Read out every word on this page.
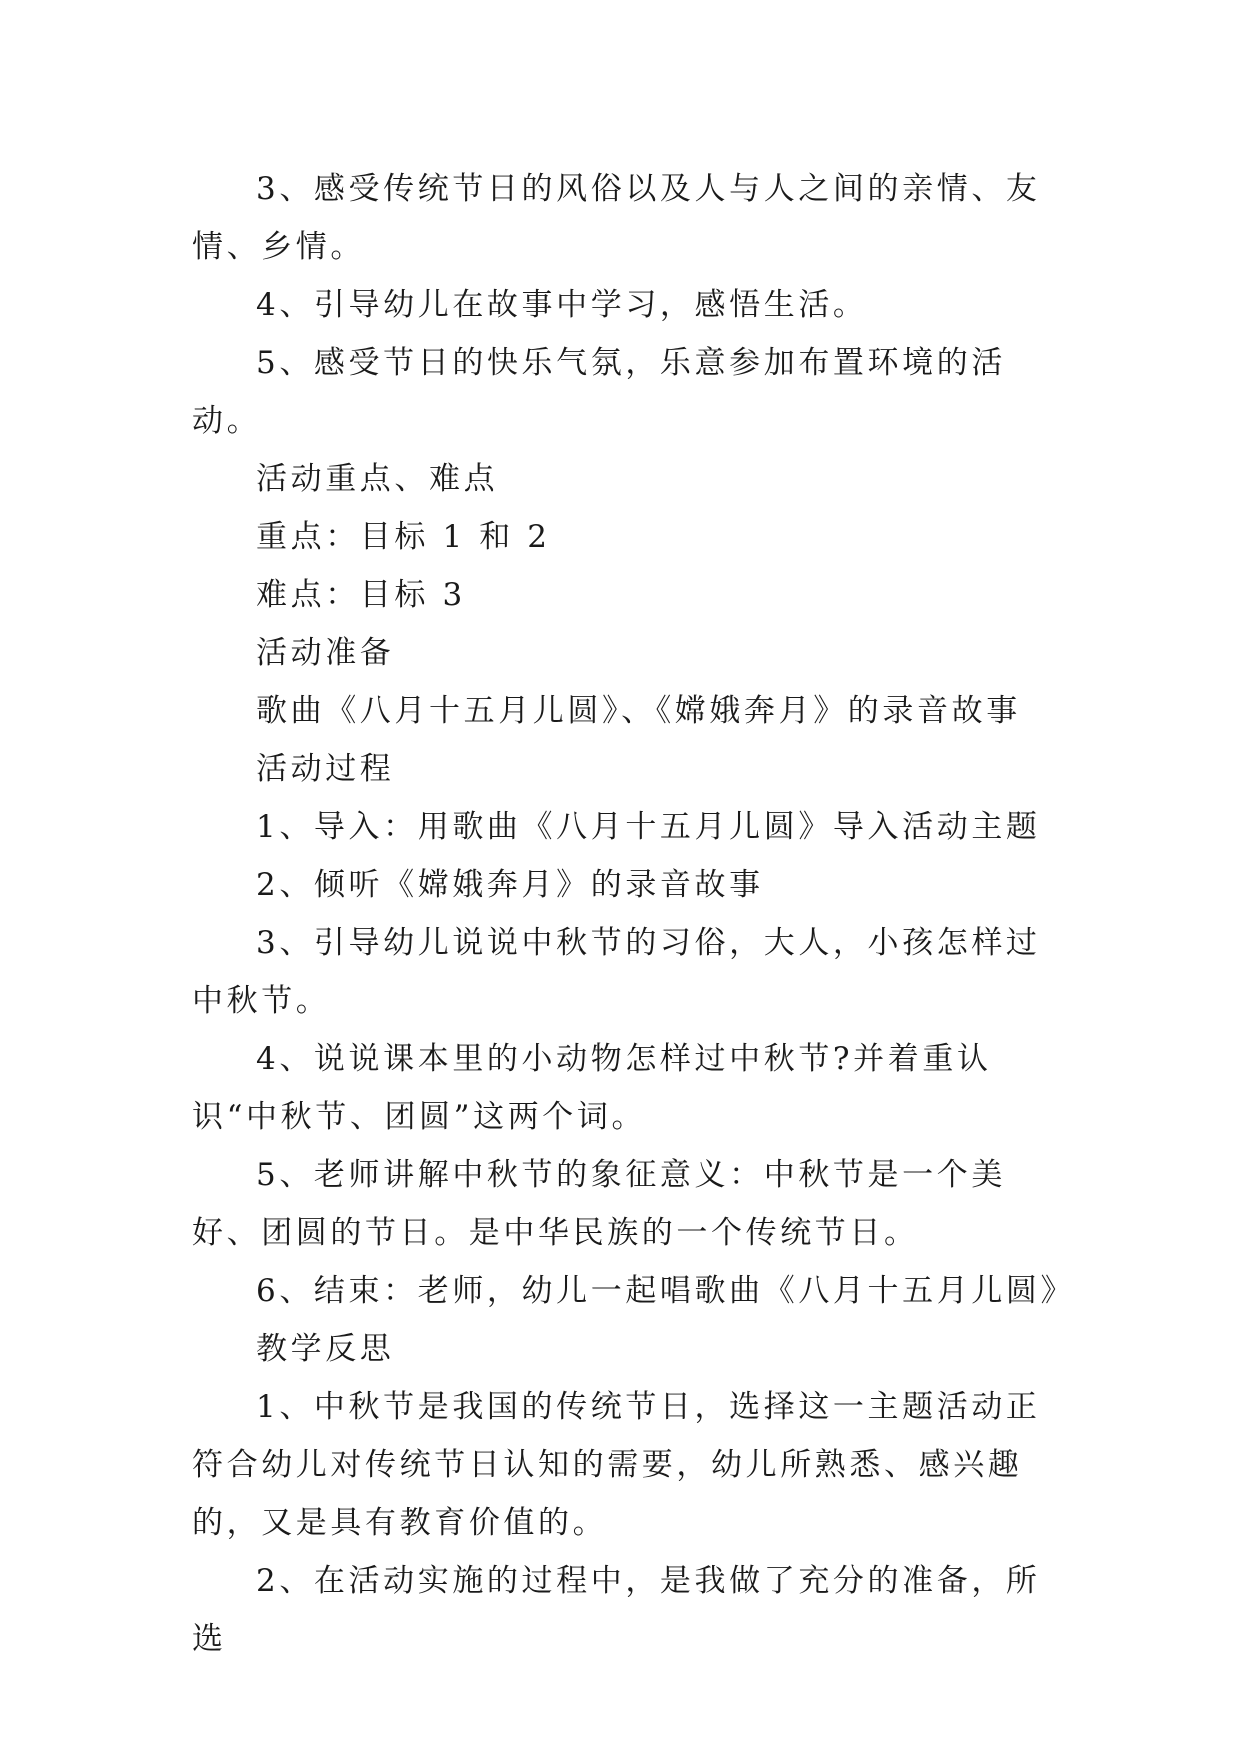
3、感受传统节日的风俗以及人与人之间的亲情、友情、乡情。

4、引导幼儿在故事中学习，感悟生活。

5、感受节日的快乐气氛，乐意参加布置环境的活动。

活动重点、难点

重点：目标 1 和 2

难点：目标 3

活动准备

歌曲《八月十五月儿圆》、《嫦娥奔月》的录音故事

活动过程

1、导入：用歌曲《八月十五月儿圆》导入活动主题

2、倾听《嫦娥奔月》的录音故事

3、引导幼儿说说中秋节的习俗，大人，小孩怎样过中秋节。

4、说说课本里的小动物怎样过中秋节?并着重认识“中秋节、团圆”这两个词。

5、老师讲解中秋节的象征意义：中秋节是一个美好、团圆的节日。是中华民族的一个传统节日。

6、结束：老师，幼儿一起唱歌曲《八月十五月儿圆》

教学反思

1、中秋节是我国的传统节日，选择这一主题活动正符合幼儿对传统节日认知的需要，幼儿所熟悉、感兴趣的，又是具有教育价值的。

2、在活动实施的过程中，是我做了充分的准备，所选
